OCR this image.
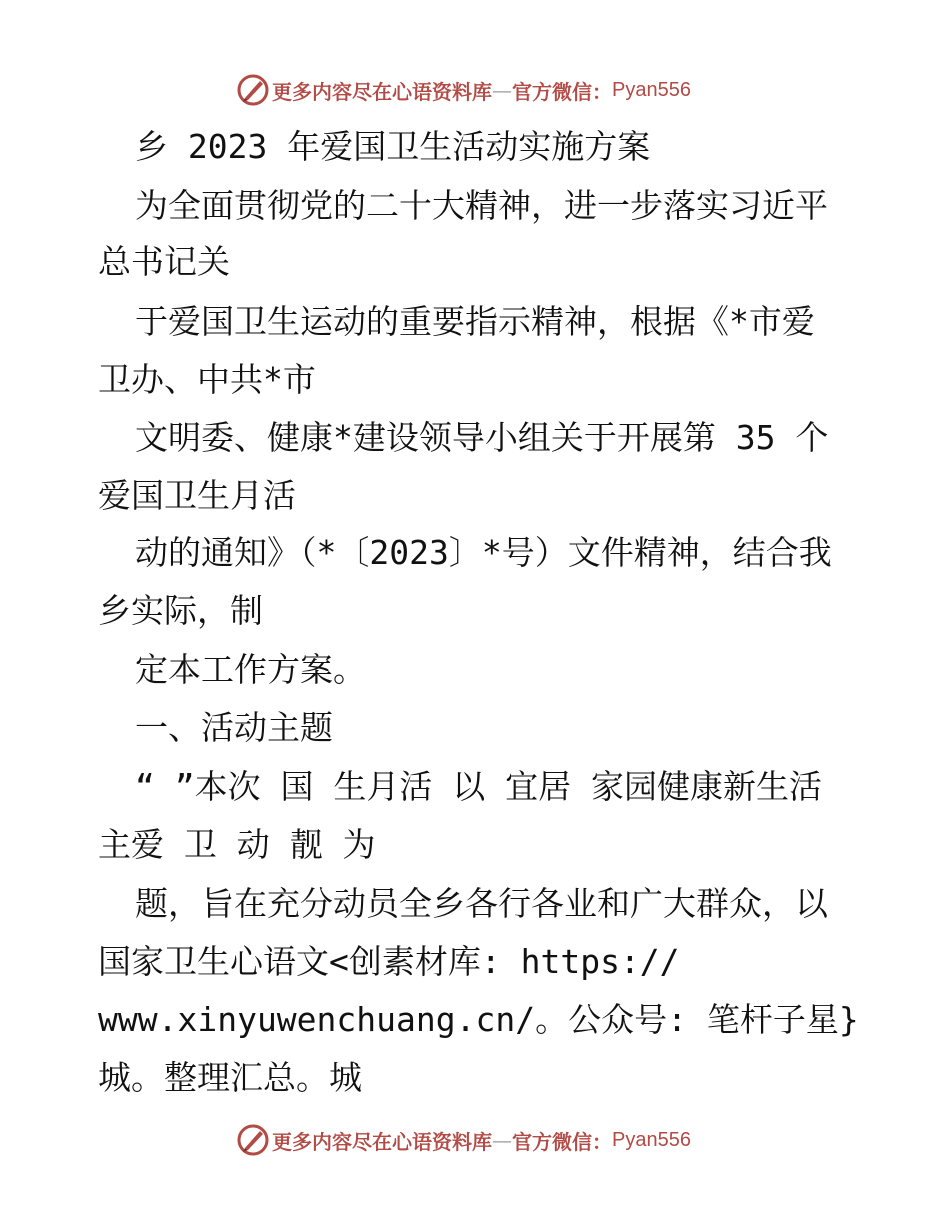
更多内容尽在心语资料库 — 官方微信： Pyan556
乡 2023 年爱国卫生活动实施方案
为全面贯彻党的二十大精神，进一步落实习近平
总书记关
于爱国卫生运动的重要指示精神，根据《*市爱
卫办、中共*市
文明委、健康*建设领导小组关于开展第 35 个
爱国卫生月活
动的通知》（*〔2023〕*号）文件精神，结合我
乡实际，制
定本工作方案。
一、活动主题
“ ”本次 国 生月活 以 宜居 家园健康新生活
主爱 卫 动 靓 为
题，旨在充分动员全乡各行各业和广大群众，以
国家卫生心语文<创素材库: https://
www.xinyuwenchuang.cn/。公众号: 笔杆子星}
城。整理汇总。城
更多内容尽在心语资料库 — 官方微信： Pyan556
